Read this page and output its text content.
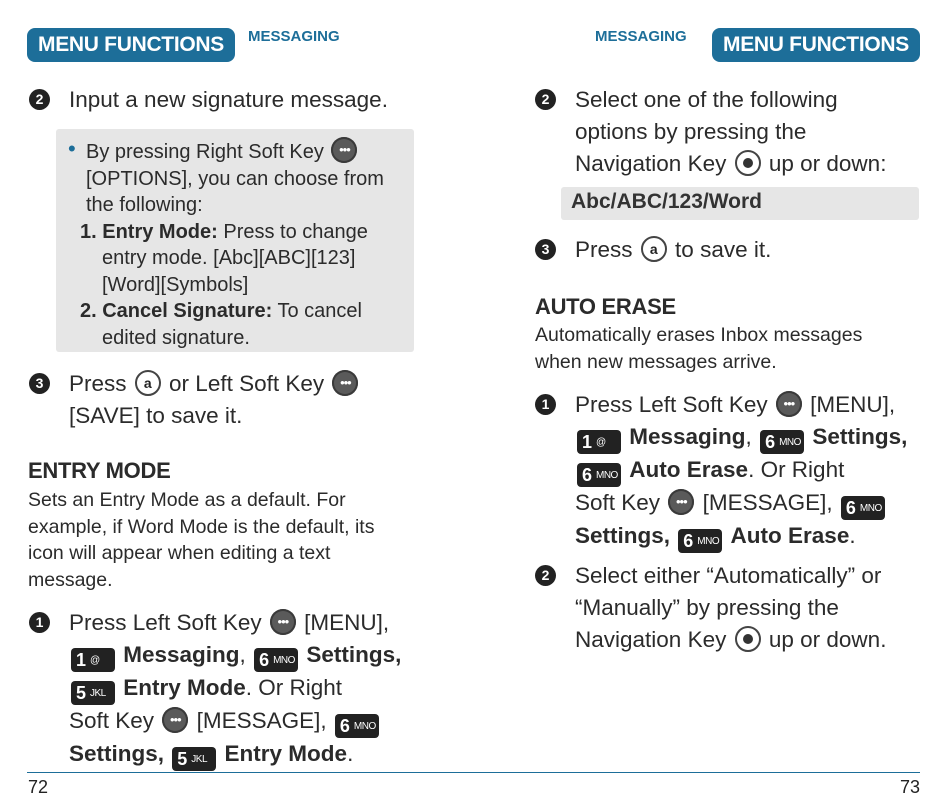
MENU FUNCTIONS	MESSAGING
2 Input a new signature message.
• By pressing Right Soft Key	•••
[OPTIONS], you can choose from the following:
1. Entry Mode: Press to change entry mode. [Abc][ABC][123][Word][Symbols]
2. Cancel Signature: To cancel edited signature.
3 Press	a or Left Soft Key	•••

[SAVE] to save it.
ENTRY MODE
Sets an Entry Mode as a default. For example, if Word Mode is the default, its icon will appear when editing a text message.
1 Press Left Soft Key	••• [MENU],
1 @ Messaging, 6 MNO Settings,
5 JKL Entry Mode. Or Right
Soft Key	••• [MESSAGE], 6 MNO

Settings, 5 JKL Entry Mode.
72
MENU FUNCTIONS
MESSAGING
2 Select one of the following options by pressing the Navigation Key up or down:
Abc/ABC/123/Word
3 Press	a to save it.
AUTO ERASE
Automatically erases Inbox messages when new messages arrive.
1 Press Left Soft Key	••• [MENU],
1 @ Messaging, 6 MNO Settings,
6 MNO Auto Erase. Or Right
Soft Key	••• [MESSAGE], 6 MNO

Settings, 6 MNO Auto Erase.
2 Select either “Automatically” or “Manually” by pressing the Navigation Key up or down.
73
